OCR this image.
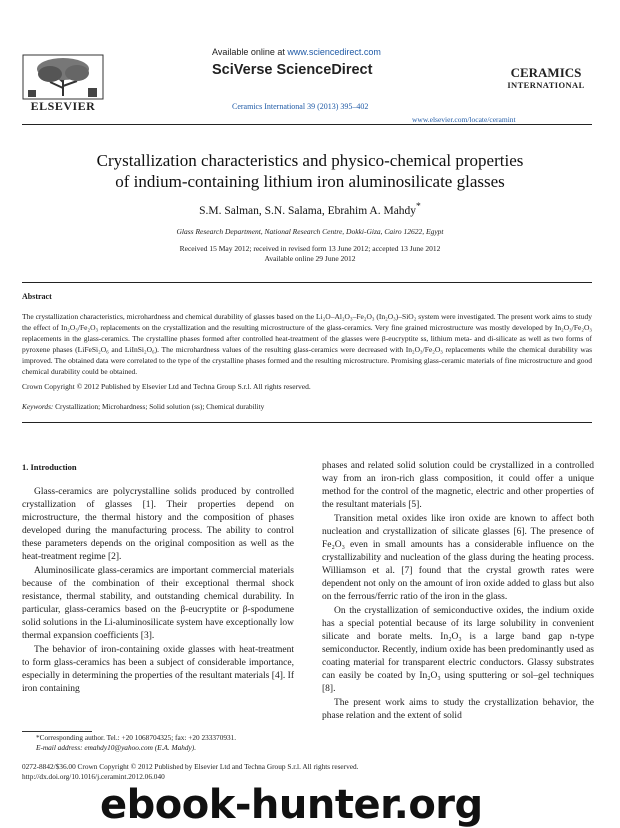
ELSEVIER
Available online at www.sciencedirect.com
SciVerse ScienceDirect
Ceramics International 39 (2013) 395–402
CERAMICS
INTERNATIONAL
www.elsevier.com/locate/ceramint
Crystallization characteristics and physico-chemical properties
of indium-containing lithium iron aluminosilicate glasses
S.M. Salman, S.N. Salama, Ebrahim A. Mahdy*
Glass Research Department, National Research Centre, Dokki-Giza, Cairo 12622, Egypt
Received 15 May 2012; received in revised form 13 June 2012; accepted 13 June 2012
Available online 29 June 2012
Abstract
The crystallization characteristics, microhardness and chemical durability of glasses based on the Li₂O–Al₂O₃–Fe₂O₃ (In₂O₃)–SiO₂ system were investigated. The present work aims to study the effect of In₂O₃/Fe₂O₃ replacements on the crystallization and the resulting microstructure of the glass-ceramics. Very fine grained microstructure was mostly developed by In₂O₃/Fe₂O₃ replacements in the glass-ceramics. The crystalline phases formed after controlled heat-treatment of the glasses were β-eucryptite ss, lithium meta- and di-silicate as well as two forms of pyroxene phases (LiFeSi₂O₆ and LiInSi₂O₆). The microhardness values of the resulting glass-ceramics were decreased with In₂O₃/Fe₂O₃ replacements while the chemical durability was improved. The obtained data were correlated to the type of the crystalline phases formed and the resulting microstructure. Promising glass-ceramic materials of fine microstructure and good chemical durability could be obtained.
Crown Copyright © 2012 Published by Elsevier Ltd and Techna Group S.r.l. All rights reserved.
Keywords: Crystallization; Microhardness; Solid solution (ss); Chemical durability
1. Introduction

Glass-ceramics are polycrystalline solids produced by controlled crystallization of glasses [1]. Their properties depend on microstructure, the thermal history and the composition of phases developed during the manufacturing process. The ability to control these parameters depends on the original composition as well as the heat-treatment regime [2].

Aluminosilicate glass-ceramics are important commercial materials because of the combination of their exceptional thermal shock resistance, thermal stability, and outstanding chemical durability. In particular, glass-ceramics based on the β-eucryptite or β-spodumene solid solutions in the Li-aluminosilicate system have exceptionally low thermal expansion coefficients [3].

The behavior of iron-containing oxide glasses with heat-treatment to form glass-ceramics has been a subject of considerable importance, especially in determining the properties of the resultant materials [4]. If iron containing

phases and related solid solution could be crystallized in a controlled way from an iron-rich glass composition, it could offer a unique method for the control of the magnetic, electric and other properties of the resultant materials [5].

Transition metal oxides like iron oxide are known to affect both nucleation and crystallization of silicate glasses [6]. The presence of Fe₂O₃ even in small amounts has a considerable influence on the crystallizability and nucleation of the glass during the heating process. Williamson et al. [7] found that the crystal growth rates were dependent not only on the amount of iron oxide added to glass but also on the ferrous/ferric ratio of the iron in the glass.

On the crystallization of semiconductive oxides, the indium oxide has a special potential because of its large solubility in convenient silicate and borate melts. In₂O₃ is a large band gap n-type semiconductor. Recently, indium oxide has been predominantly used as coating material for transparent electric conductors. Glassy substrates can easily be coated by In₂O₃ using sputtering or sol–gel techniques [8].

The present work aims to study the crystallization behavior, the phase relation and the extent of solid

*Corresponding author. Tel.: +20 1068704325; fax: +20 233370931.
E-mail address: emahdy10@yahoo.com (E.A. Mahdy).
0272-8842/$36.00 Crown Copyright © 2012 Published by Elsevier Ltd and Techna Group S.r.l. All rights reserved.
http://dx.doi.org/10.1016/j.ceramint.2012.06.040
ebook-hunter.org
